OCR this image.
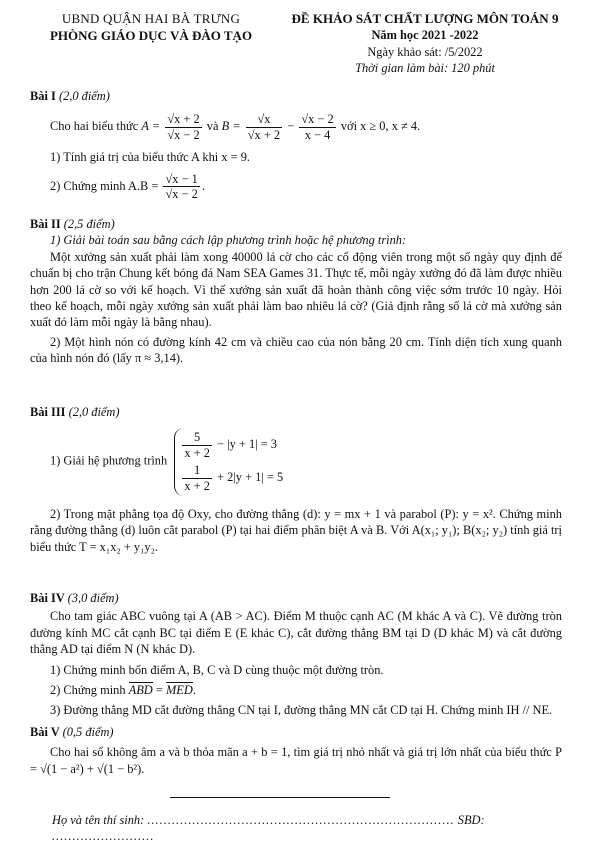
UBND QUẬN HAI BÀ TRƯNG
PHÒNG GIÁO DỤC VÀ ĐÀO TẠO
ĐỀ KHẢO SÁT CHẤT LƯỢNG MÔN TOÁN 9
Năm học 2021 -2022
Ngày khảo sát: /5/2022
Thời gian làm bài: 120 phút
Bài I (2,0 điểm)
Cho hai biểu thức $A = \frac{√x + 2}{√x - 2}$ và $B = \frac{√x}{√x + 2} - \frac{√x - 2}{x - 4}$ với x ≥ 0, x ≠ 4.
1) Tính giá trị của biểu thức A khi x = 9.
2) Chứng minh $A.B = \frac{√x - 1}{√x - 2}$ .
Bài II (2,5 điểm)
1) Giải bài toán sau bằng cách lập phương trình hoặc hệ phương trình:
Một xưởng sản xuất phải làm xong 40000 lá cờ cho các cổ động viên trong một số ngày quy định để chuẩn bị cho trận Chung kết bóng đá Nam SEA Games 31. Thực tế, mỗi ngày xưởng đó đã làm được nhiều hơn 200 lá cờ so với kế hoạch. Vì thế xưởng sản xuất đã hoàn thành công việc sớm trước 10 ngày. Hỏi theo kế hoạch, mỗi ngày xưởng sản xuất phải làm bao nhiêu lá cờ? (Giả định rằng số lá cờ mà xưởng sản xuất đó làm mỗi ngày là bằng nhau).
2) Một hình nón có đường kính 42 cm và chiều cao của nón bằng 20 cm. Tính diện tích xung quanh của hình nón đó (lấy π ≈ 3,14).
Bài III (2,0 điểm)
1) Giải hệ phương trình $\frac{5}{x + 2} - |y + 1| = 3$
$\frac{1}{x + 2} + 2|y + 1| = 5$
2) Trong mặt phẳng tọa độ Oxy, cho đường thẳng (d): y = mx + 1 và parabol (P): y = x². Chứng minh rằng đường thẳng (d) luôn cắt parabol (P) tại hai điểm phân biệt A và B. Với A(x₁; y₁); B(x₂; y₂) tính giá trị biểu thức T = x₁x₂ + y₁y₂.
Bài IV (3,0 điểm)
Cho tam giác ABC vuông tại A (AB > AC). Điểm M thuộc cạnh AC (M khác A và C). Vẽ đường tròn đường kính MC cắt cạnh BC tại điểm E (E khác C), cắt đường thẳng BM tại D (D khác M) và cắt đường thẳng AD tại điểm N (N khác D).
1) Chứng minh bốn điểm A, B, C và D cùng thuộc một đường tròn.
2) Chứng minh ABD = MED.
3) Đường thẳng MD cắt đường thẳng CN tại I, đường thẳng MN cắt CD tại H. Chứng minh IH // NE.
Bài V (0,5 điểm)
Cho hai số không âm a và b thỏa mãn a + b = 1, tìm giá trị nhỏ nhất và giá trị lớn nhất của biểu thức P = √(1 − a²) + √(1 − b²).
Họ và tên thí sinh: ........................................................................... SBD: .........................
